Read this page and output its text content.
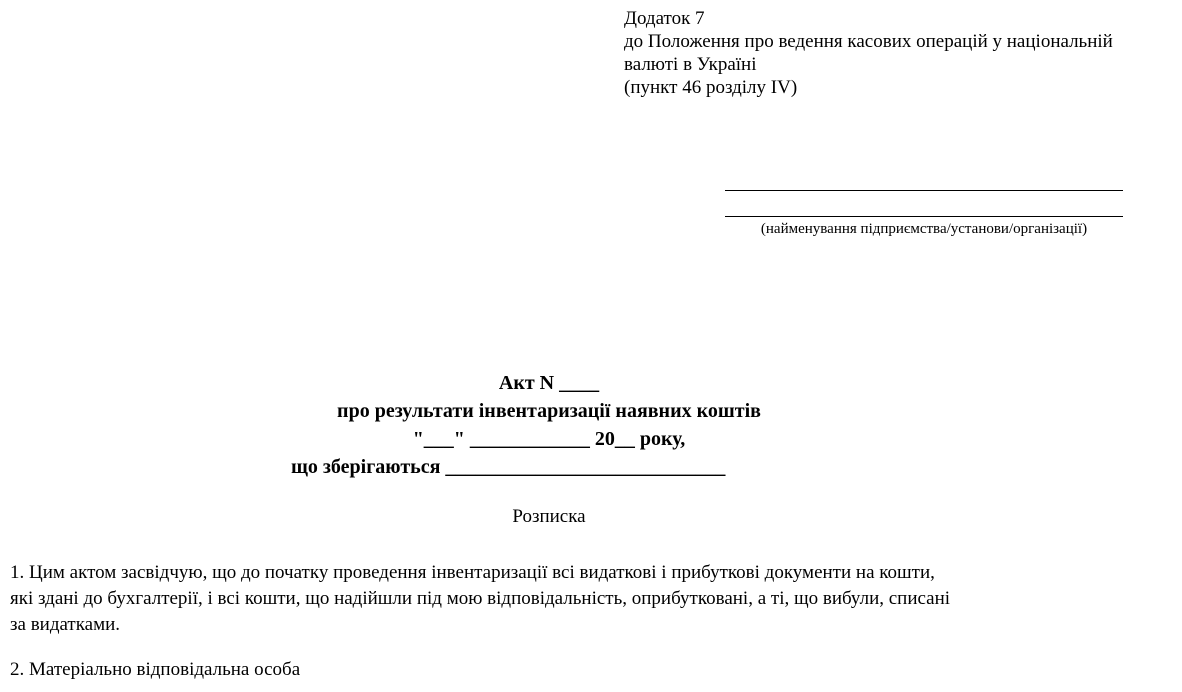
Додаток 7
до Положення про ведення касових операцій у національній
валюті в Україні
(пункт 46 розділу IV)
(найменування підприємства/установи/організації)
Акт N ____
про результати інвентаризації наявних коштів
"___" ____________ 20__ року,
що зберігаються ____________________________
Розписка
1. Цим актом засвідчую, що до початку проведення інвентаризації всі видаткові і прибуткові документи на кошти,
які здані до бухгалтерії, і всі кошти, що надійшли під мою відповідальність, оприбутковані, а ті, що вибули, списані
за видатками.
2. Матеріально відповідальна особа
